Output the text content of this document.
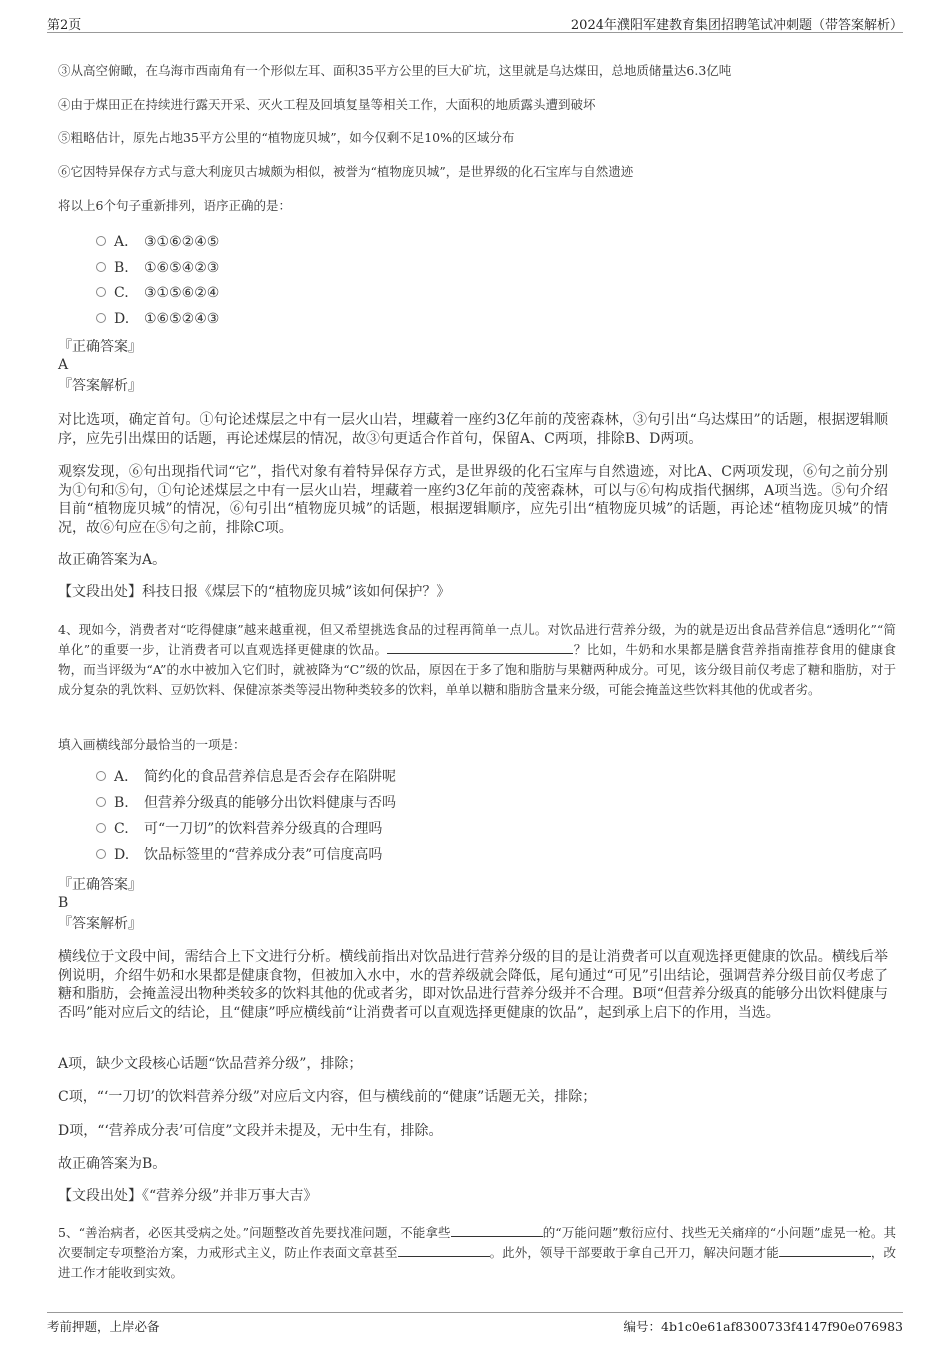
第2页	2024年濮阳军建教育集团招聘笔试冲刺题（带答案解析）
③从高空俯瞰，在乌海市西南角有一个形似左耳、面积35平方公里的巨大矿坑，这里就是乌达煤田，总地质储量达6.3亿吨
④由于煤田正在持续进行露天开采、灭火工程及回填复垦等相关工作，大面积的地质露头遭到破坏
⑤粗略估计，原先占地35平方公里的“植物庞贝城”，如今仅剩不足10%的区域分布
⑥它因特异保存方式与意大利庞贝古城颇为相似，被誉为“植物庞贝城”，是世界级的化石宝库与自然遗迹
将以上6个句子重新排列，语序正确的是：
A． ③①⑥②④⑤
B. ①⑥⑤④②③
C. ③①⑤⑥②④
D. ①⑥⑤②④③
『正确答案』
A
『答案解析』
对比选项，确定首句。①句论述煤层之中有一层火山岩，埋藏着一座约3亿年前的茂密森林，③句引出“乌达煤田”的话题，根据逻辑顺序，应先引出煤田的话题，再论述煤层的情况，故③句更适合作首句，保留A、C两项，排除B、D两项。
观察发现，⑥句出现指代词“它”，指代对象有着特异保存方式，是世界级的化石宝库与自然遗迹，对比A、C两项发现，⑥句之前分别为①句和⑤句，①句论述煤层之中有一层火山岩，埋藏着一座约3亿年前的茂密森林，可以与⑥句构成指代捆绑，A项当选。⑤句介绍目前“植物庞贝城”的情况，⑥句引出“植物庞贝城”的话题，根据逻辑顺序，应先引出“植物庞贝城”的话题，再论述“植物庞贝城”的情况，故⑥句应在⑤句之前，排除C项。
故正确答案为A。
【文段出处】科技日报《煤层下的“植物庞贝城”该如何保护？》
4、现如今，消费者对“吃得健康”越来越重视，但又希望挑选食品的过程再简单一点儿。对饮品进行营养分级，为的就是迈出食品营养信息“透明化”“简单化”的重要一步，让消费者可以直观选择更健康的饮品。	？比如，牛奶和水果都是膳食营养指南推荐食用的健康食物，而当评级为“A”的水中被加入它们时，就被降为“C”级的饮品，原因在于多了饱和脂肪与果糖两种成分。可见，该分级目前仅考虑了糖和脂肪，对于成分复杂的乳饮料、豆奶饮料、保健凉茶类等浸出物种类较多的饮料，单单以糖和脂肪含量来分级，可能会掩盖这些饮料其他的优或者劣。
填入画横线部分最恰当的一项是：
A． 简约化的食品营养信息是否会存在陷阱呢
B. 但营养分级真的能够分出饮料健康与否吗
C. 可“一刀切”的饮料营养分级真的合理吗
D. 饮品标签里的“营养成分表”可信度高吗
『正确答案』
B
『答案解析』
横线位于文段中间，需结合上下文进行分析。横线前指出对饮品进行营养分级的目的是让消费者可以直观选择更健康的饮品。横线后举例说明，介绍牛奶和水果都是健康食物，但被加入水中，水的营养级就会降低，尾句通过“可见”引出结论，强调营养分级目前仅考虑了糖和脂肪，会掩盖浸出物种类较多的饮料其他的优或者劣，即对饮品进行营养分级并不合理。B项“但营养分级真的能够分出饮料健康与否吗”能对应后文的结论，且“健康”呼应横线前“让消费者可以直观选择更健康的饮品”，起到承上启下的作用，当选。
A项，缺少文段核心话题“饮品营养分级”，排除；
C项，“‘一刀切’的饮料营养分级”对应后文内容，但与横线前的“健康”话题无关，排除；
D项，“‘营养成分表’可信度”文段并未提及，无中生有，排除。
故正确答案为B。
【文段出处】《“营养分级”并非万事大吉》
5、“善治病者，必医其受病之处。”问题整改首先要找准问题，不能拿些	的“万能问题”敷衍应付、找些无关痛痒的“小问题”虚晃一枪。其次要制定专项整治方案，力戒形式主义，防止作表面文章甚至	。此外，领导干部要敢于拿自己开刀，解决问题才能	，改进工作才能收到实效。
考前押题，上岸必备	编号：4b1c0e61af8300733f4147f90e076983
